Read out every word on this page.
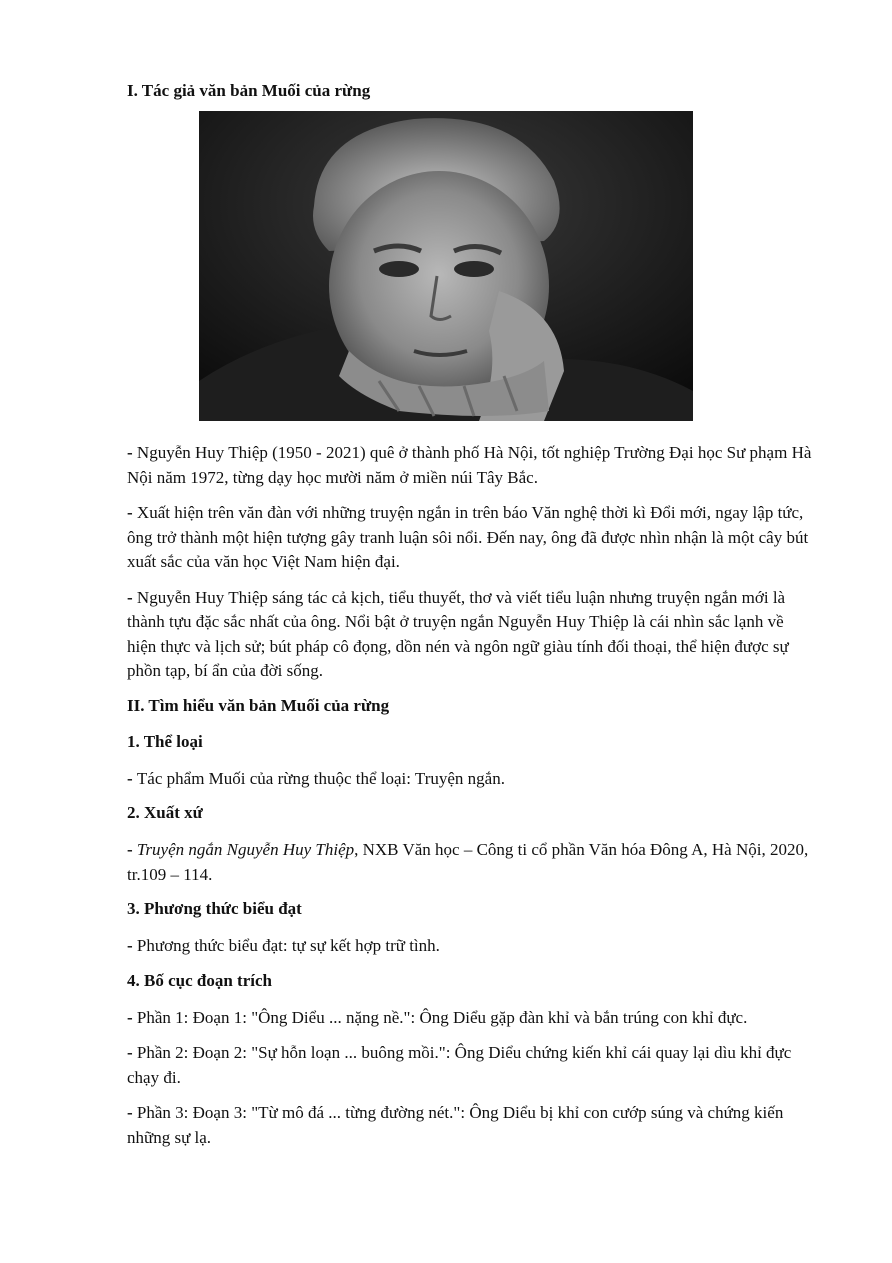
I. Tác giả văn bản Muối của rừng

- Nguyễn Huy Thiệp (1950 - 2021) quê ở thành phố Hà Nội, tốt nghiệp Trường Đại học Sư phạm Hà Nội năm 1972, từng dạy học mười năm ở miền núi Tây Bắc.

- Xuất hiện trên văn đàn với những truyện ngắn in trên báo Văn nghệ thời kì Đổi mới, ngay lập tức, ông trở thành một hiện tượng gây tranh luận sôi nổi. Đến nay, ông đã được nhìn nhận là một cây bút xuất sắc của văn học Việt Nam hiện đại.

- Nguyễn Huy Thiệp sáng tác cả kịch, tiểu thuyết, thơ và viết tiểu luận nhưng truyện ngắn mới là thành tựu đặc sắc nhất của ông. Nổi bật ở truyện ngắn Nguyễn Huy Thiệp là cái nhìn sắc lạnh về hiện thực và lịch sử; bút pháp cô đọng, dồn nén và ngôn ngữ giàu tính đối thoại, thể hiện được sự phồn tạp, bí ẩn của đời sống.

II. Tìm hiểu văn bản Muối của rừng
1. Thể loại

- Tác phẩm Muối của rừng thuộc thể loại: Truyện ngắn.

2. Xuất xứ

- Truyện ngắn Nguyễn Huy Thiệp, NXB Văn học – Công ti cổ phần Văn hóa Đông A, Hà Nội, 2020, tr.109 – 114.

3. Phương thức biểu đạt

- Phương thức biểu đạt: tự sự kết hợp trữ tình.

4. Bố cục đoạn trích

- Phần 1: Đoạn 1: "Ông Diểu ... nặng nề.": Ông Diểu gặp đàn khỉ và bắn trúng con khỉ đực.

- Phần 2: Đoạn 2: "Sự hỗn loạn ... buông mồi.": Ông Diểu chứng kiến khỉ cái quay lại dìu khỉ đực chạy đi.

- Phần 3: Đoạn 3: "Từ mô đá ... từng đường nét.": Ông Diểu bị khỉ con cướp súng và chứng kiến những sự lạ.
